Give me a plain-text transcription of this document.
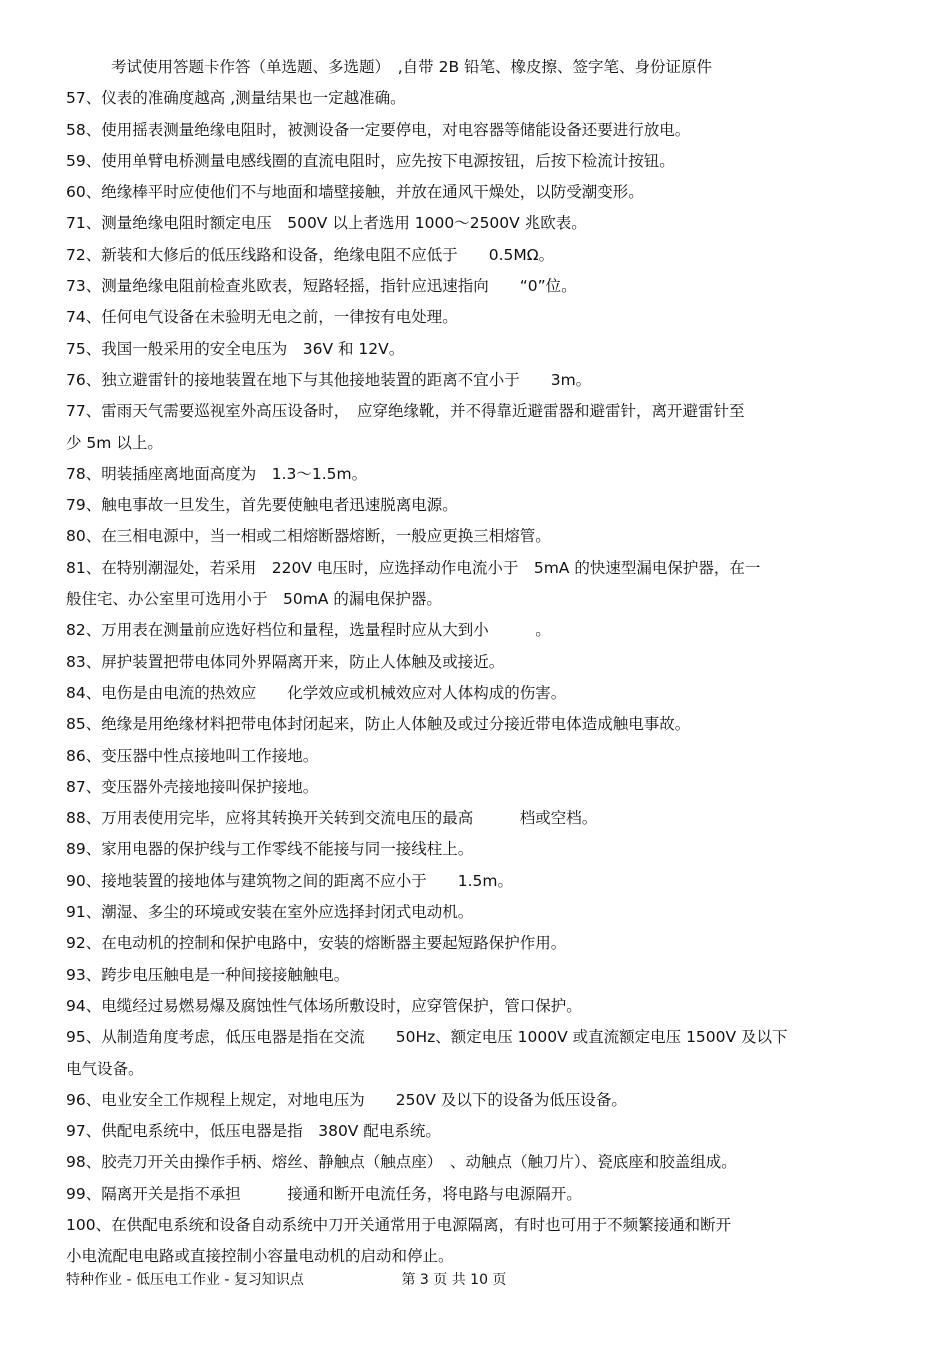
考试使用答题卡作答（单选题、多选题）　,自带 2B 铅笔、橡皮擦、签字笔、身份证原件
57、仪表的准确度越高 ,测量结果也一定越准确。
58、使用摇表测量绝缘电阻时，被测设备一定要停电，对电容器等储能设备还要进行放电。
59、使用单臂电桥测量电感线圈的直流电阻时，应先按下电源按钮，后按下检流计按钮。
60、绝缘棒平时应使他们不与地面和墙壁接触，并放在通风干燥处，以防受潮变形。
71、测量绝缘电阻时额定电压　500V 以上者选用 1000～2500V 兆欧表。
72、新装和大修后的低压线路和设备，绝缘电阻不应低于　　0.5MΩ。
73、测量绝缘电阻前检查兆欧表，短路轻摇，指针应迅速指向　　“0”位。
74、任何电气设备在未验明无电之前，一律按有电处理。
75、我国一般采用的安全电压为　36V 和 12V。
76、独立避雷针的接地装置在地下与其他接地装置的距离不宜小于　　3m。
77、雷雨天气需要巡视室外高压设备时，　应穿绝缘靴，并不得靠近避雷器和避雷针，离开避雷针至
少 5m 以上。
78、明装插座离地面高度为　1.3～1.5m。
79、触电事故一旦发生，首先要使触电者迅速脱离电源。
80、在三相电源中，当一相或二相熔断器熔断，一般应更换三相熔管。
81、在特别潮湿处，若采用　220V 电压时，应选择动作电流小于　5mA 的快速型漏电保护器，在一
般住宅、办公室里可选用小于　50mA 的漏电保护器。
82、万用表在测量前应选好档位和量程，选量程时应从大到小　　　。
83、屏护装置把带电体同外界隔离开来，防止人体触及或接近。
84、电伤是由电流的热效应　　化学效应或机械效应对人体构成的伤害。
85、绝缘是用绝缘材料把带电体封闭起来，防止人体触及或过分接近带电体造成触电事故。
86、变压器中性点接地叫工作接地。
87、变压器外壳接地接叫保护接地。
88、万用表使用完毕，应将其转换开关转到交流电压的最高　　　档或空档。
89、家用电器的保护线与工作零线不能接与同一接线柱上。
90、接地装置的接地体与建筑物之间的距离不应小于　　1.5m。
91、潮湿、多尘的环境或安装在室外应选择封闭式电动机。
92、在电动机的控制和保护电路中，安装的熔断器主要起短路保护作用。
93、跨步电压触电是一种间接接触触电。
94、电缆经过易燃易爆及腐蚀性气体场所敷设时，应穿管保护，管口保护。
95、从制造角度考虑，低压电器是指在交流　　50Hz、额定电压 1000V 或直流额定电压 1500V 及以下
电气设备。
96、电业安全工作规程上规定，对地电压为　　250V 及以下的设备为低压设备。
97、供配电系统中，低压电器是指　380V 配电系统。
98、胶壳刀开关由操作手柄、熔丝、静触点（触点座）　、动触点（触刀片）、瓷底座和胶盖组成。
99、隔离开关是指不承担　　　接通和断开电流任务，将电路与电源隔开。
100、在供配电系统和设备自动系统中刀开关通常用于电源隔离，有时也可用于不频繁接通和断开
小电流配电电路或直接控制小容量电动机的启动和停止。
特种作业 - 低压电工作业 - 复习知识点	第 3 页 共 10 页
